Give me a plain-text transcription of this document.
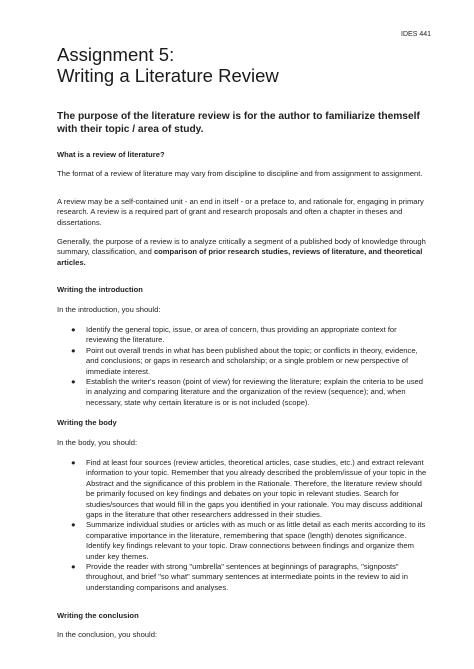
IDES 441
Assignment 5:
Writing a Literature Review
The purpose of the literature review is for the author to familiarize themself with their topic / area of study.
What is a review of literature?

The format of a review of literature may vary from discipline to discipline and from assignment to assignment.

A review may be a self-contained unit - an end in itself - or a preface to, and rationale for, engaging in primary research. A review is a required part of grant and research proposals and often a chapter in theses and dissertations.

Generally, the purpose of a review is to analyze critically a segment of a published body of knowledge through summary, classification, and comparison of prior research studies, reviews of literature, and theoretical articles.

Writing the introduction

In the introduction, you should:

● Identify the general topic, issue, or area of concern, thus providing an appropriate context for reviewing the literature.
● Point out overall trends in what has been published about the topic; or conflicts in theory, evidence, and conclusions; or gaps in research and scholarship; or a single problem or new perspective of immediate interest.
● Establish the writer's reason (point of view) for reviewing the literature; explain the criteria to be used in analyzing and comparing literature and the organization of the review (sequence); and, when necessary, state why certain literature is or is not included (scope).
Writing the body

In the body, you should:

● Find at least four sources (review articles, theoretical articles, case studies, etc.) and extract relevant information to your topic. Remember that you already described the problem/issue of your topic in the Abstract and the significance of this problem in the Rationale. Therefore, the literature review should be primarily focused on key findings and debates on your topic in relevant studies. Search for studies/sources that would fill in the gaps you identified in your rationale. You may discuss additional gaps in the literature that other researchers addressed in their studies.
● Summarize individual studies or articles with as much or as little detail as each merits according to its comparative importance in the literature, remembering that space (length) denotes significance. Identify key findings relevant to your topic. Draw connections between findings and organize them under key themes.
● Provide the reader with strong "umbrella" sentences at beginnings of paragraphs, "signposts" throughout, and brief "so what" summary sentences at intermediate points in the review to aid in understanding comparisons and analyses.
Writing the conclusion

In the conclusion, you should:
